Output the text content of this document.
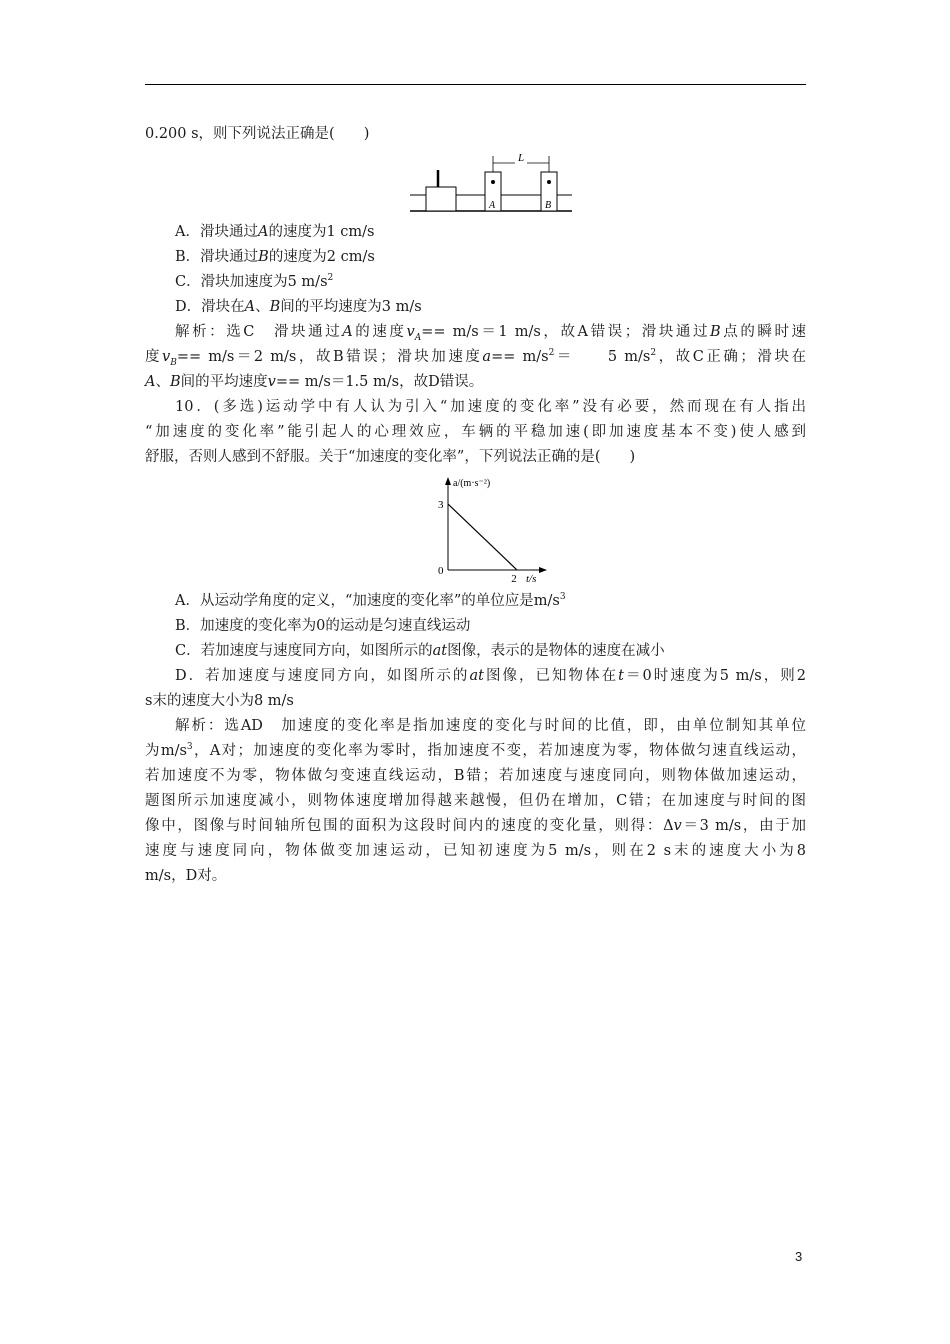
0.200 s，则下列说法正确是(　　)
L
A	B
A．滑块通过A的速度为1 cm/s
B．滑块通过B的速度为2 cm/s
C．滑块加速度为5 $m/s^2$
D．滑块在A、B间的平均速度为3 m/s
解析：选C　滑块通过A的速度$v_A== m/s=1$ m/s，故A错误；滑块通过B点的瞬时速
度$v_B== m/s=2$ m/s，故B错误；滑块加速度$a== m/s^2=$　　5 $m/s^2$，故C正确；滑块在
A、B间的平均速度v== m/s＝1.5 m/s，故D错误。
10．(多选)运动学中有人认为引入“加速度的变化率”没有必要，然而现在有人指出
“加速度的变化率”能引起人的心理效应，车辆的平稳加速(即加速度基本不变)使人感到
舒服，否则人感到不舒服。关于“加速度的变化率”，下列说法正确的是(　　)
a/(m·s⁻²)
3
0
2 t/s
A．从运动学角度的定义，“加速度的变化率”的单位应是$m/s^3$
B．加速度的变化率为0的运动是匀速直线运动
C．若加速度与速度同方向，如图所示的at图像，表示的是物体的速度在减小
D．若加速度与速度同方向，如图所示的at图像，已知物体在t＝0时速度为5 m/s，则2
s末的速度大小为8 m/s
解析：选AD　加速度的变化率是指加速度的变化与时间的比值，即，由单位制知其单位
为$m/s^3$，A对；加速度的变化率为零时，指加速度不变，若加速度为零，物体做匀速直线运动，
若加速度不为零，物体做匀变速直线运动，B错；若加速度与速度同向，则物体做加速运动，
题图所示加速度减小，则物体速度增加得越来越慢，但仍在增加，C错；在加速度与时间的图
像中，图像与时间轴所包围的面积为这段时间内的速度的变化量，则得：Δv＝3 m/s，由于加
速度与速度同向，物体做变加速运动，已知初速度为5 m/s，则在2 s末的速度大小为8
m/s，D对。
3
